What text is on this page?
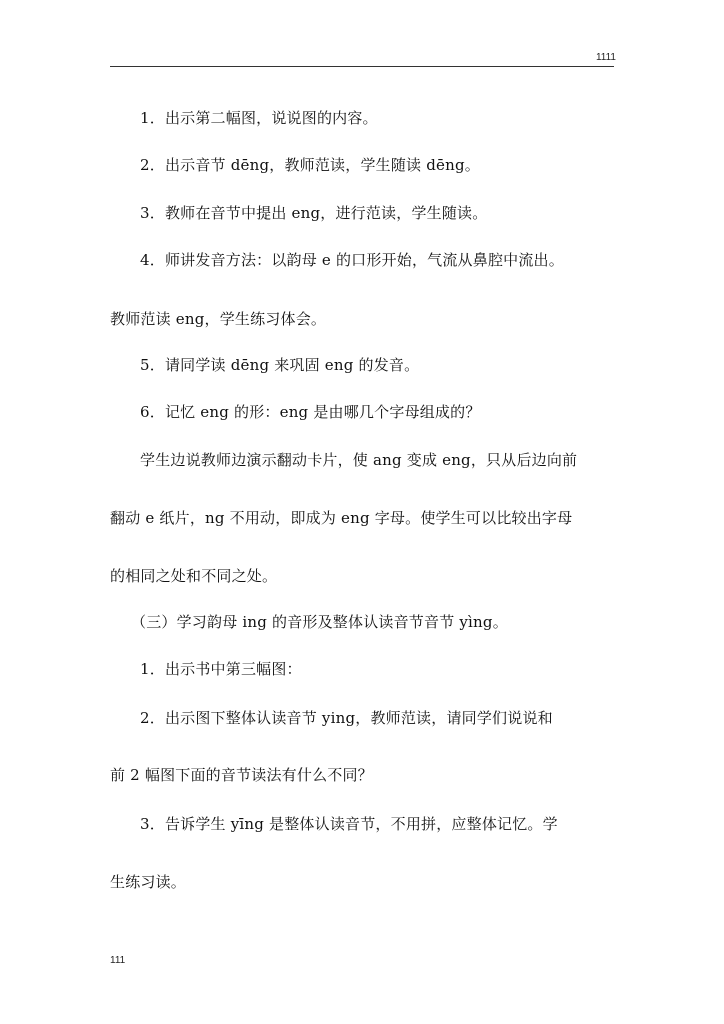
1111
1．出示第二幅图，说说图的内容。
2．出示音节 dēng，教师范读，学生随读 dēng。
3．教师在音节中提出 eng，进行范读，学生随读。
4．师讲发音方法：以韵母 e 的口形开始，气流从鼻腔中流出。
教师范读 eng，学生练习体会。
5．请同学读 dēng 来巩固 eng 的发音。
6．记忆 eng 的形：eng 是由哪几个字母组成的？
学生边说教师边演示翻动卡片，使 ang 变成 eng，只从后边向前
翻动 e 纸片，ng 不用动，即成为 eng 字母。使学生可以比较出字母
的相同之处和不同之处。
（三）学习韵母 ing 的音形及整体认读音节音节 yìng。
1．出示书中第三幅图：
2．出示图下整体认读音节 ying，教师范读，请同学们说说和
前 2 幅图下面的音节读法有什么不同？
3．告诉学生 yīng 是整体认读音节，不用拼，应整体记忆。学
生练习读。
111
